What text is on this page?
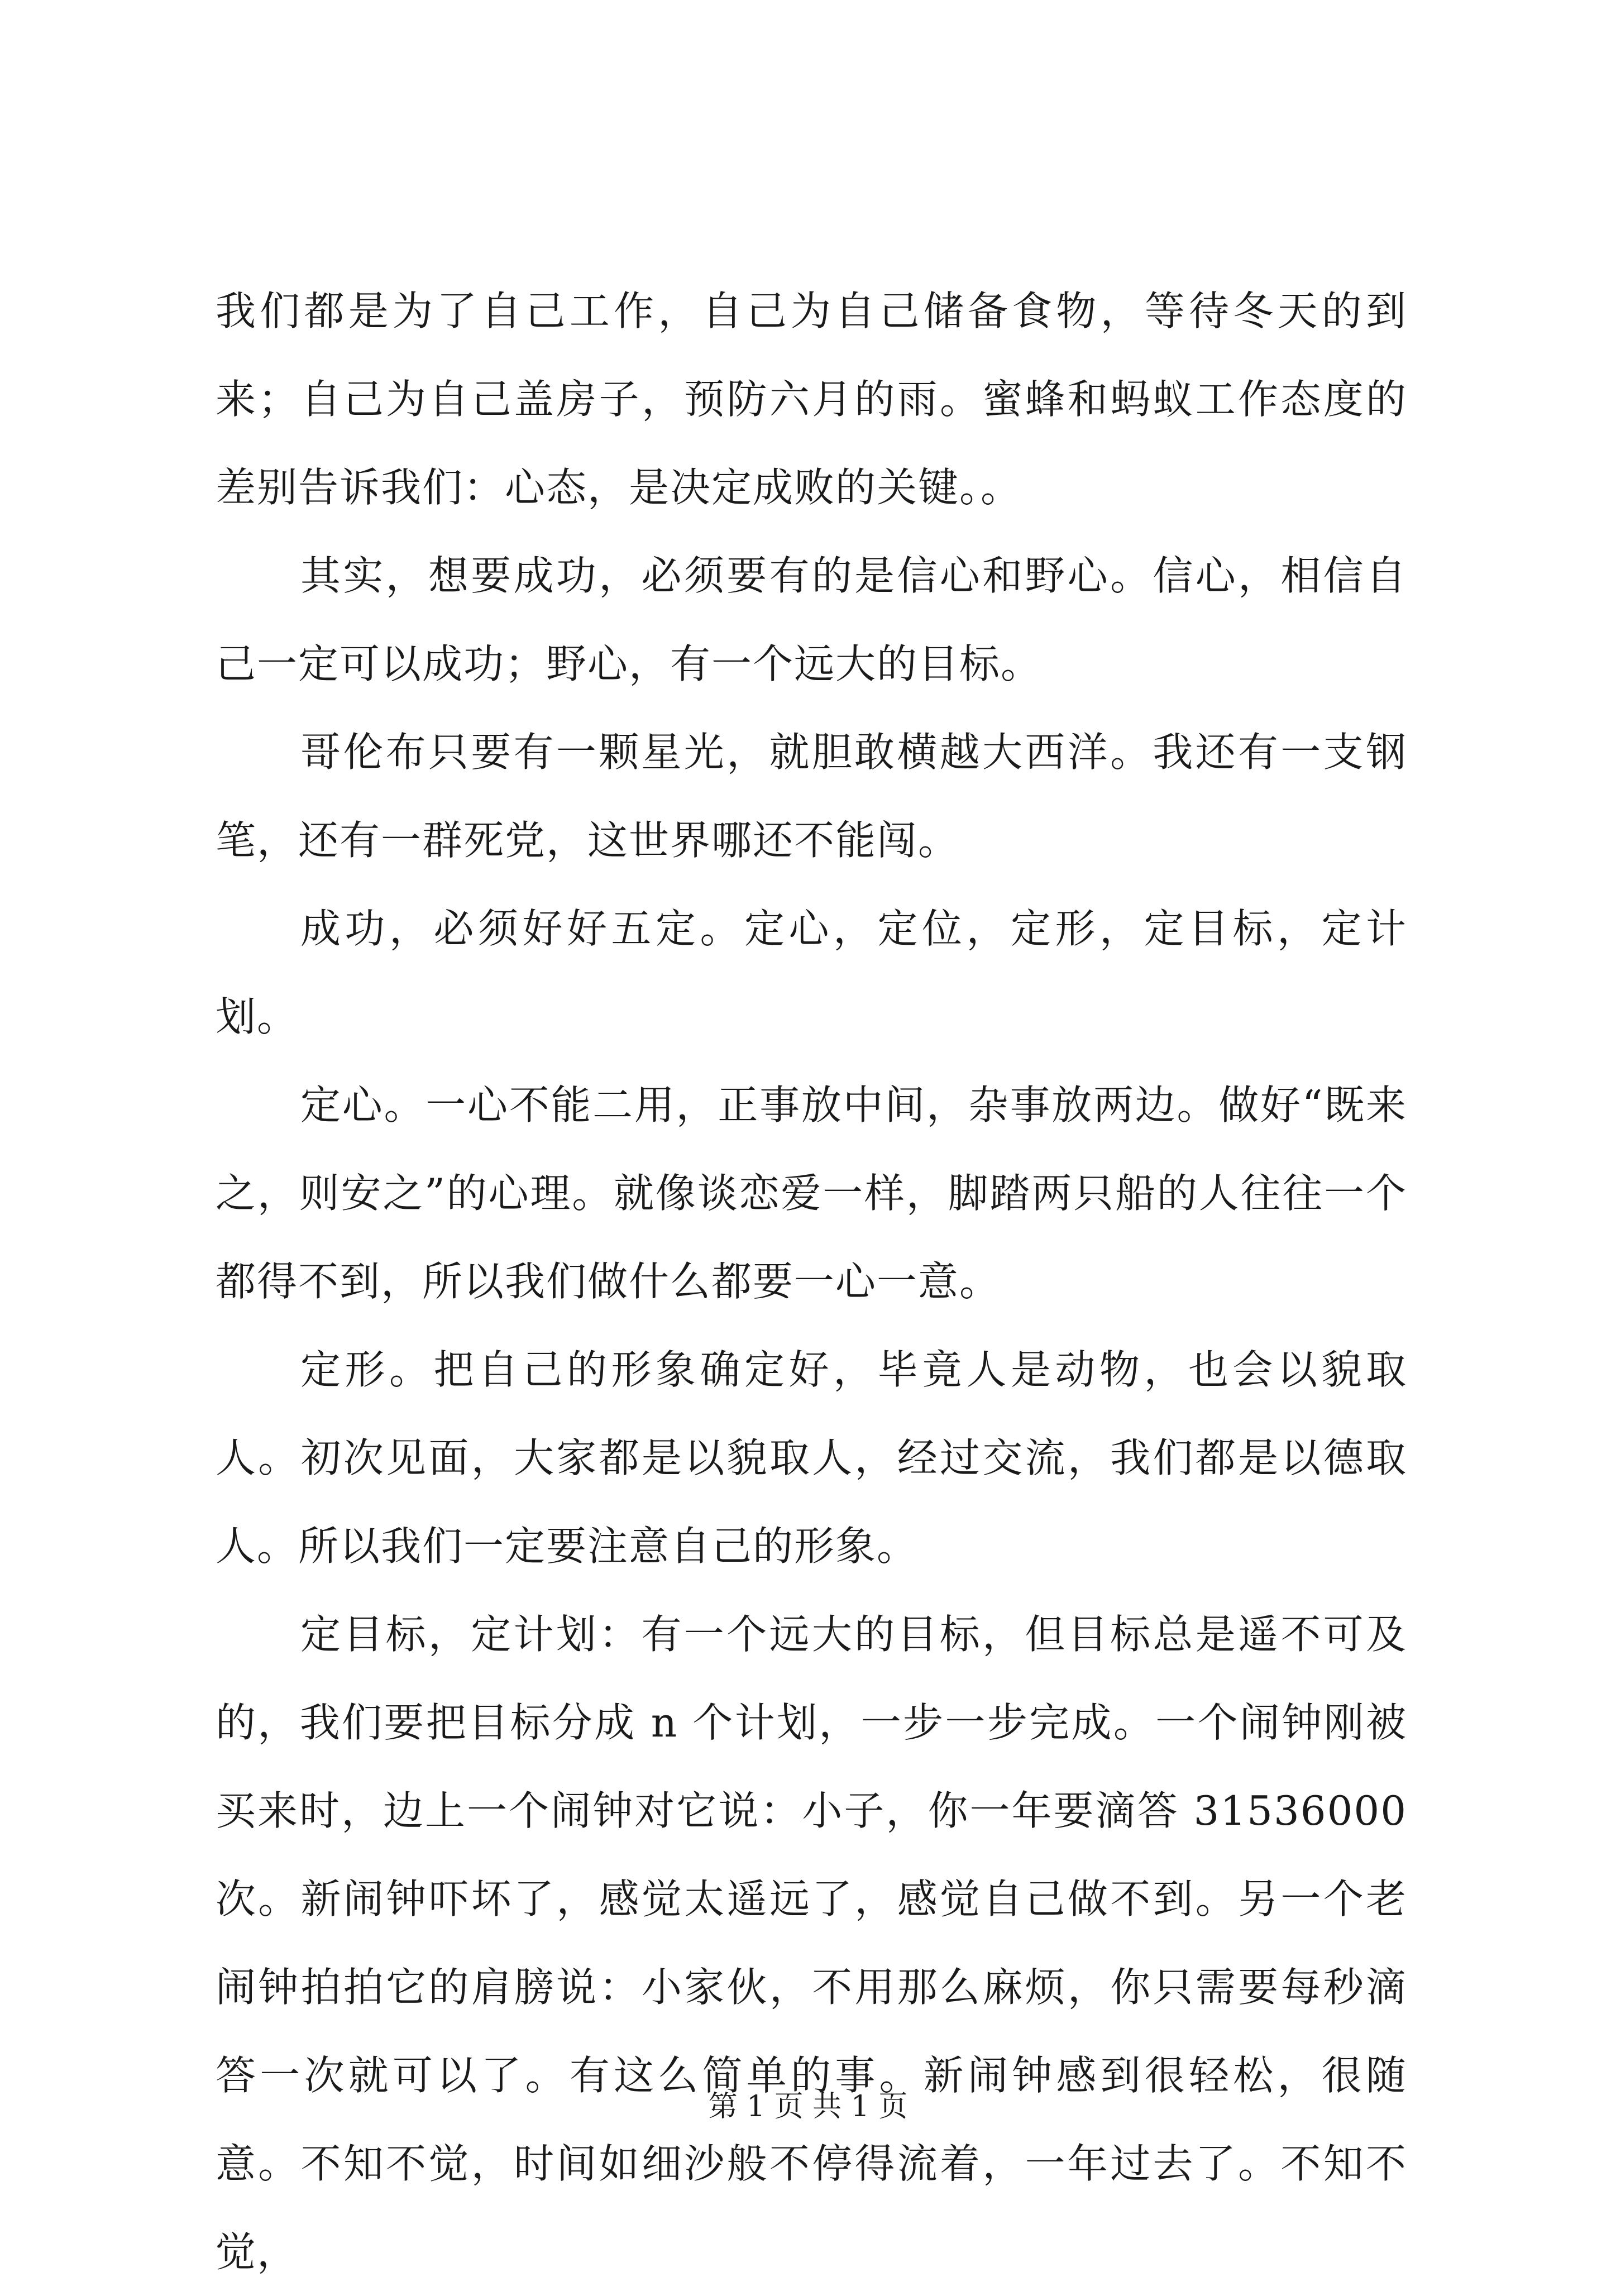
我们都是为了自己工作，自己为自己储备食物，等待冬天的到来；自己为自己盖房子，预防六月的雨。蜜蜂和蚂蚁工作态度的差别告诉我们：心态，是决定成败的关键。。

其实，想要成功，必须要有的是信心和野心。信心，相信自己一定可以成功；野心，有一个远大的目标。

哥伦布只要有一颗星光，就胆敢横越大西洋。我还有一支钢笔，还有一群死党，这世界哪还不能闯。

成功，必须好好五定。定心，定位，定形，定目标，定计划。

定心。一心不能二用，正事放中间，杂事放两边。做好“既来之，则安之”的心理。就像谈恋爱一样，脚踏两只船的人往往一个都得不到，所以我们做什么都要一心一意。

定形。把自己的形象确定好，毕竟人是动物，也会以貌取人。初次见面，大家都是以貌取人，经过交流，我们都是以德取人。所以我们一定要注意自己的形象。

定目标，定计划：有一个远大的目标，但目标总是遥不可及的，我们要把目标分成 n 个计划，一步一步完成。一个闹钟刚被买来时，边上一个闹钟对它说：小子，你一年要滴答 31536000 次。新闹钟吓坏了，感觉太遥远了，感觉自己做不到。另一个老闹钟拍拍它的肩膀说：小家伙，不用那么麻烦，你只需要每秒滴答一次就可以了。有这么简单的事。新闹钟感到很轻松，很随意。不知不觉，时间如细沙般不停得流着，一年过去了。不知不觉，

第 1 页 共 1 页
